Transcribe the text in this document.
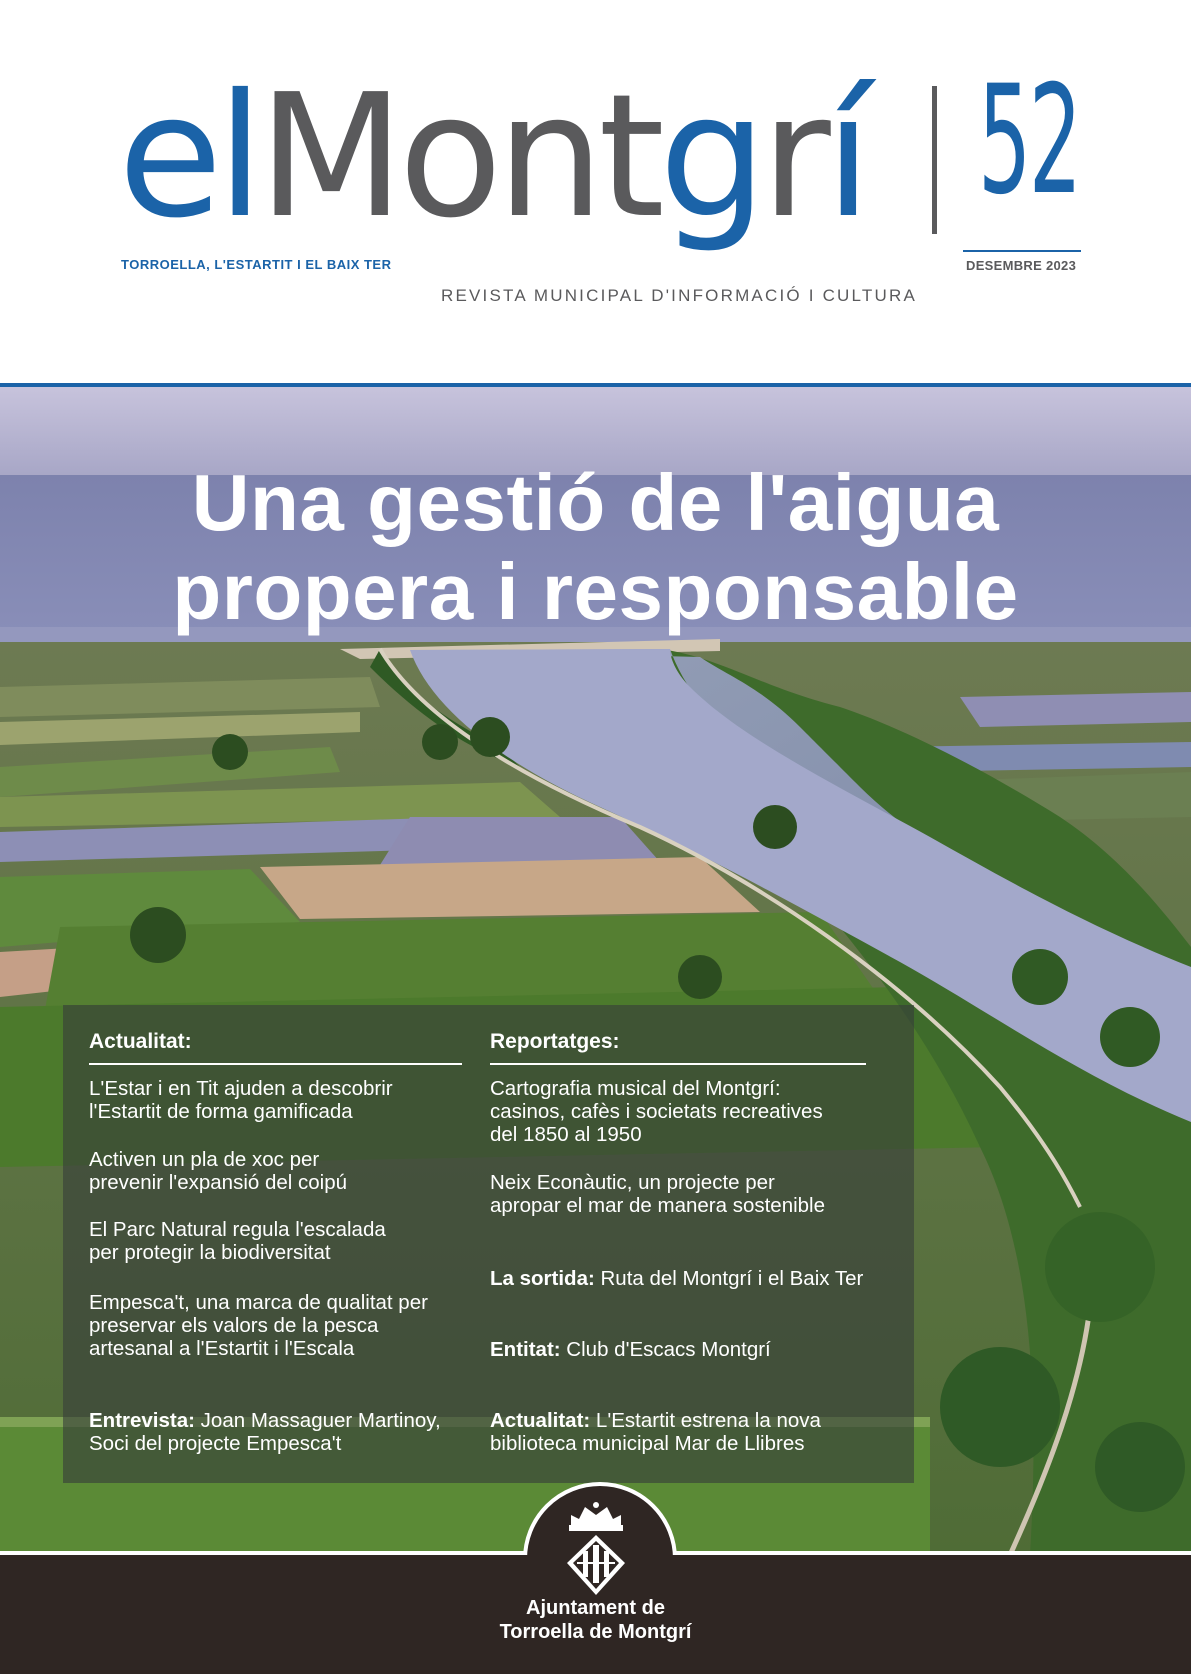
elMontgrí
TORROELLA, L'ESTARTIT I EL BAIX TER
REVISTA MUNICIPAL D'INFORMACIÓ I CULTURA
52
DESEMBRE 2023
Una gestió de l'aigua
propera i responsable
Actualitat:
L'Estar i en Tit ajuden a descobrir l'Estartit de forma gamificada
Activen un pla de xoc per prevenir l'expansió del coipú
El Parc Natural regula l'escalada per protegir la biodiversitat
Empesca't, una marca de qualitat per preservar els valors de la pesca artesanal a l'Estartit i l'Escala
Entrevista: Joan Massaguer Martinoy, Soci del projecte Empesca't
Reportatges:
Cartografia musical del Montgrí: casinos, cafès i societats recreatives del 1850 al 1950
Neix Econàutic, un projecte per apropar el mar de manera sostenible
La sortida: Ruta del Montgrí i el Baix Ter
Entitat: Club d'Escacs Montgrí
Actualitat: L'Estartit estrena la nova biblioteca municipal Mar de Llibres
Ajuntament de
Torroella de Montgrí
